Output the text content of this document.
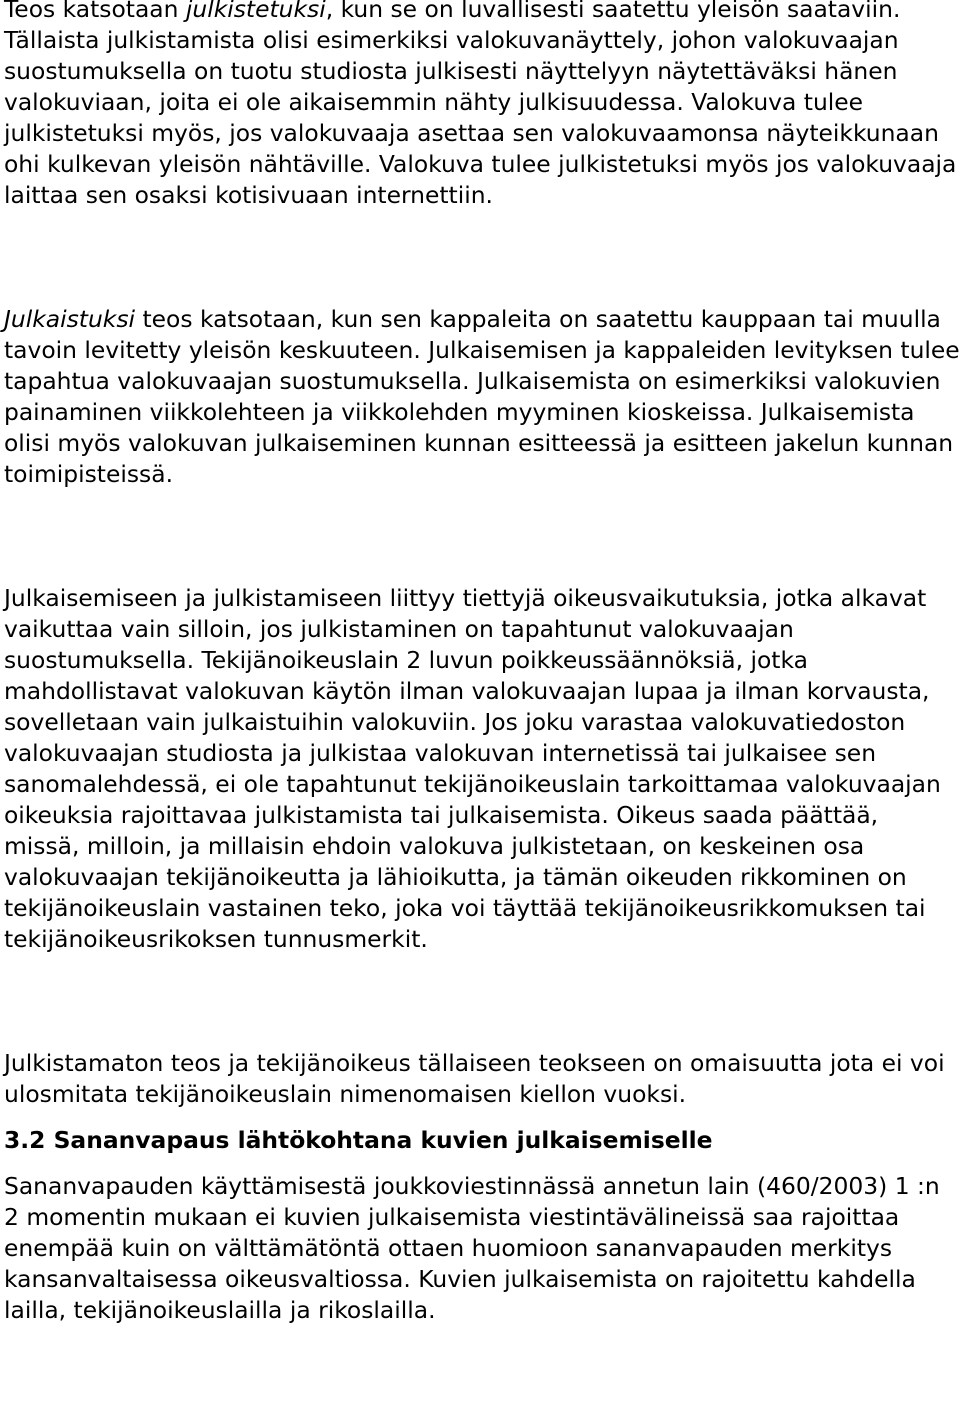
Teos katsotaan julkistetuksi, kun se on luvallisesti saatettu yleisön saataviin. Tällaista julkistamista olisi esimerkiksi valokuvanäyttely, johon valokuvaajan suostumuksella on tuotu studiosta julkisesti näyttelyyn näytettäväksi hänen valokuviaan, joita ei ole aikaisemmin nähty julkisuudessa. Valokuva tulee julkistetuksi myös, jos valokuvaaja asettaa sen valokuvaamonsa näyteikkunaan ohi kulkevan yleisön nähtäville. Valokuva tulee julkistetuksi myös jos valokuvaaja laittaa sen osaksi kotisivuaan internettiin.

Julkaistuksi teos katsotaan, kun sen kappaleita on saatettu kauppaan tai muulla tavoin levitetty yleisön keskuuteen. Julkaisemisen ja kappaleiden levityksen tulee tapahtua valokuvaajan suostumuksella. Julkaisemista on esimerkiksi valokuvien painaminen viikkolehteen ja viikkolehden myyminen kioskeissa. Julkaisemista olisi myös valokuvan julkaiseminen kunnan esitteessä ja esitteen jakelun kunnan toimipisteissä.

Julkaisemiseen ja julkistamiseen liittyy tiettyjä oikeusvaikutuksia, jotka alkavat vaikuttaa vain silloin, jos julkistaminen on tapahtunut valokuvaajan suostumuksella. Tekijänoikeuslain 2 luvun poikkeussäännöksiä, jotka mahdollistavat valokuvan käytön ilman valokuvaajan lupaa ja ilman korvausta, sovelletaan vain julkaistuihin valokuviin. Jos joku varastaa valokuvatiedoston valokuvaajan studiosta ja julkistaa valokuvan internetissä tai julkaisee sen sanomalehdessä, ei ole tapahtunut tekijänoikeuslain tarkoittamaa valokuvaajan oikeuksia rajoittavaa julkistamista tai julkaisemista. Oikeus saada päättää, missä, milloin, ja millaisin ehdoin valokuva julkistetaan, on keskeinen osa valokuvaajan tekijänoikeutta ja lähioikutta, ja tämän oikeuden rikkominen on tekijänoikeuslain vastainen teko, joka voi täyttää tekijänoikeusrikkomuksen tai tekijänoikeusrikoksen tunnusmerkit.

Julkistamaton teos ja tekijänoikeus tällaiseen teokseen on omaisuutta jota ei voi ulosmitata tekijänoikeuslain nimenomaisen kiellon vuoksi.

3.2 Sananvapaus lähtökohtana kuvien julkaisemiselle

Sananvapauden käyttämisestä joukkoviestinnässä annetun lain (460/2003) 1 :n 2 momentin mukaan ei kuvien julkaisemista viestintävälineissä saa rajoittaa enempää kuin on välttämätöntä ottaen huomioon sananvapauden merkitys kansanvaltaisessa oikeusvaltiossa. Kuvien julkaisemista on rajoitettu kahdella lailla, tekijänoikeuslailla ja rikoslailla.
